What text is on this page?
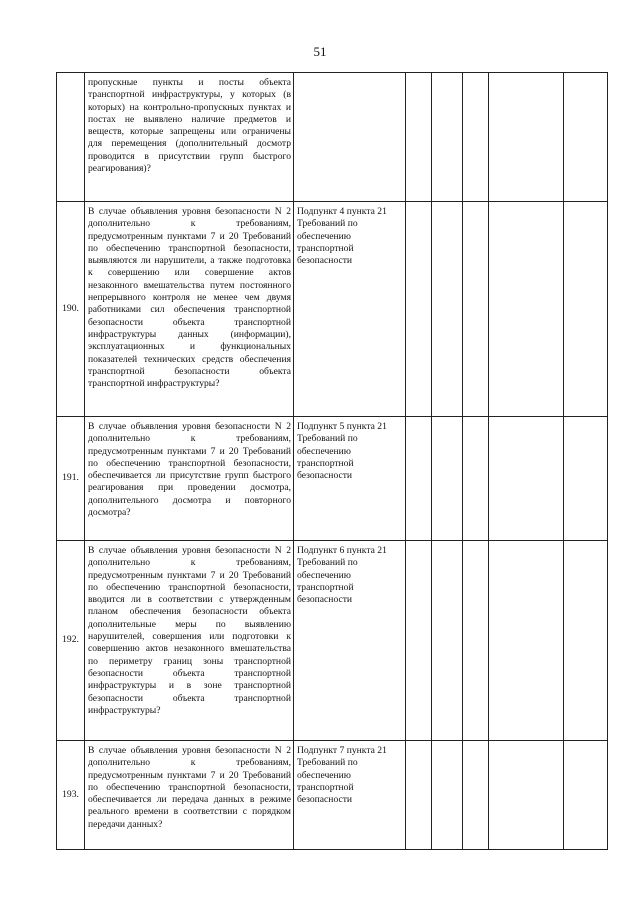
51
	пропускные пункты и посты объекта транспортной инфраструктуры, у которых (в которых) на контрольно-пропускных пунктах и постах не выявлено наличие предметов и веществ, которые запрещены или ограничены для перемещения (дополнительный досмотр проводится в присутствии групп быстрого реагирования)?						
190.	В случае объявления уровня безопасности N 2 дополнительно к требованиям, предусмотренным пунктами 7 и 20 Требований по обеспечению транспортной безопасности, выявляются ли нарушители, а также подготовка к совершению или совершение актов незаконного вмешательства путем постоянного непрерывного контроля не менее чем двумя работниками сил обеспечения транспортной безопасности объекта транспортной инфраструктуры данных (информации), эксплуатационных и функциональных показателей технических средств обеспечения транспортной безопасности объекта транспортной инфраструктуры?	Подпункт 4 пункта 21 Требований по обеспечению транспортной безопасности					
191.	В случае объявления уровня безопасности N 2 дополнительно к требованиям, предусмотренным пунктами 7 и 20 Требований по обеспечению транспортной безопасности, обеспечивается ли присутствие групп быстрого реагирования при проведении досмотра, дополнительного досмотра и повторного досмотра?	Подпункт 5 пункта 21 Требований по обеспечению транспортной безопасности					
192.	В случае объявления уровня безопасности N 2 дополнительно к требованиям, предусмотренным пунктами 7 и 20 Требований по обеспечению транспортной безопасности, вводится ли в соответствии с утвержденным планом обеспечения безопасности объекта дополнительные меры по выявлению нарушителей, совершения или подготовки к совершению актов незаконного вмешательства по периметру границ зоны транспортной безопасности объекта транспортной инфраструктуры и в зоне транспортной безопасности объекта транспортной инфраструктуры?	Подпункт 6 пункта 21 Требований по обеспечению транспортной безопасности					
193.	В случае объявления уровня безопасности N 2 дополнительно к требованиям, предусмотренным пунктами 7 и 20 Требований по обеспечению транспортной безопасности, обеспечивается ли передача данных в режиме реального времени в соответствии с порядком передачи данных?	Подпункт 7 пункта 21 Требований по обеспечению транспортной безопасности					
